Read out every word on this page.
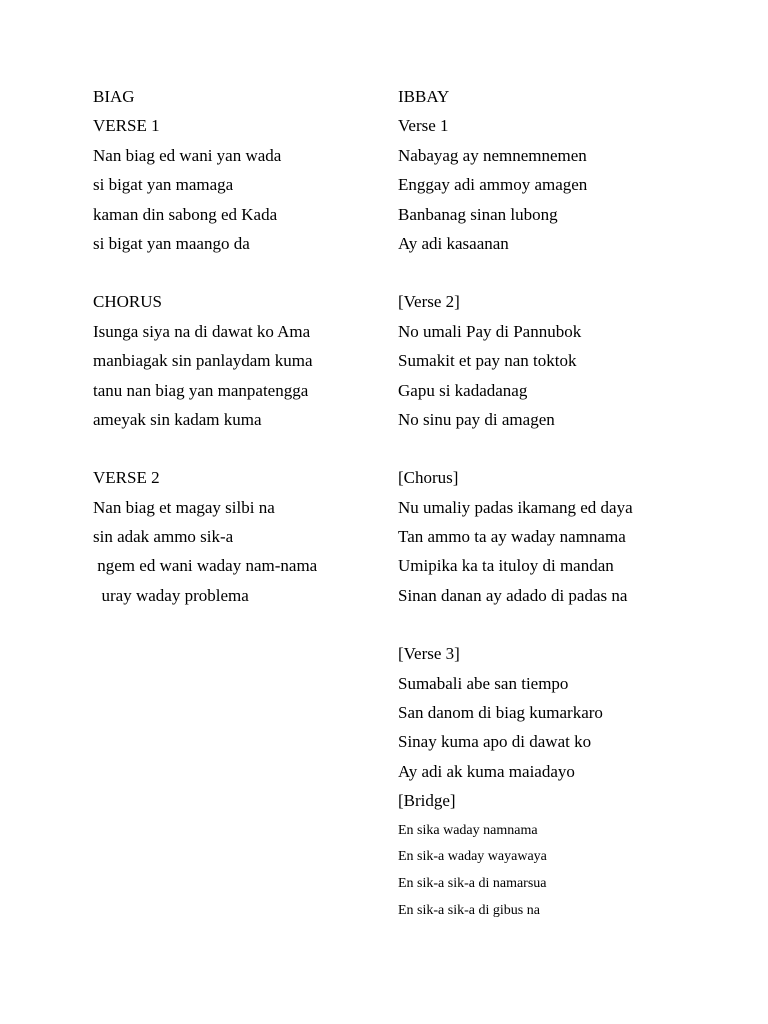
BIAG
VERSE 1
Nan biag ed wani yan wada
si bigat yan mamaga
kaman din sabong ed Kada
si bigat yan maango da
CHORUS
Isunga siya na di dawat ko Ama
manbiagak sin panlaydam kuma
tanu nan biag yan manpatengga
ameyak sin kadam kuma
VERSE 2
Nan biag et magay silbi na
sin adak ammo sik-a
ngem ed wani waday nam-nama
uray waday problema
IBBAY
Verse 1
Nabayag ay nemnemnemen
Enggay adi ammoy amagen
Banbanag sinan lubong
Ay adi kasaanan
[Verse 2]
No umali Pay di Pannubok
Sumakit et pay nan toktok
Gapu si kadadanag
No sinu pay di amagen
[Chorus]
Nu umaliy padas ikamang ed daya
Tan ammo ta ay waday namnama
Umipika ka ta ituloy di mandan
Sinan danan ay adado di padas na
[Verse 3]
Sumabali abe san tiempo
San danom di biag kumarkaro
Sinay kuma apo di dawat ko
Ay adi ak kuma maiadayo
[Bridge]
En sika waday namnama
En sik-a waday wayawaya
En sik-a sik-a di namarsua
En sik-a sik-a di gibus na
